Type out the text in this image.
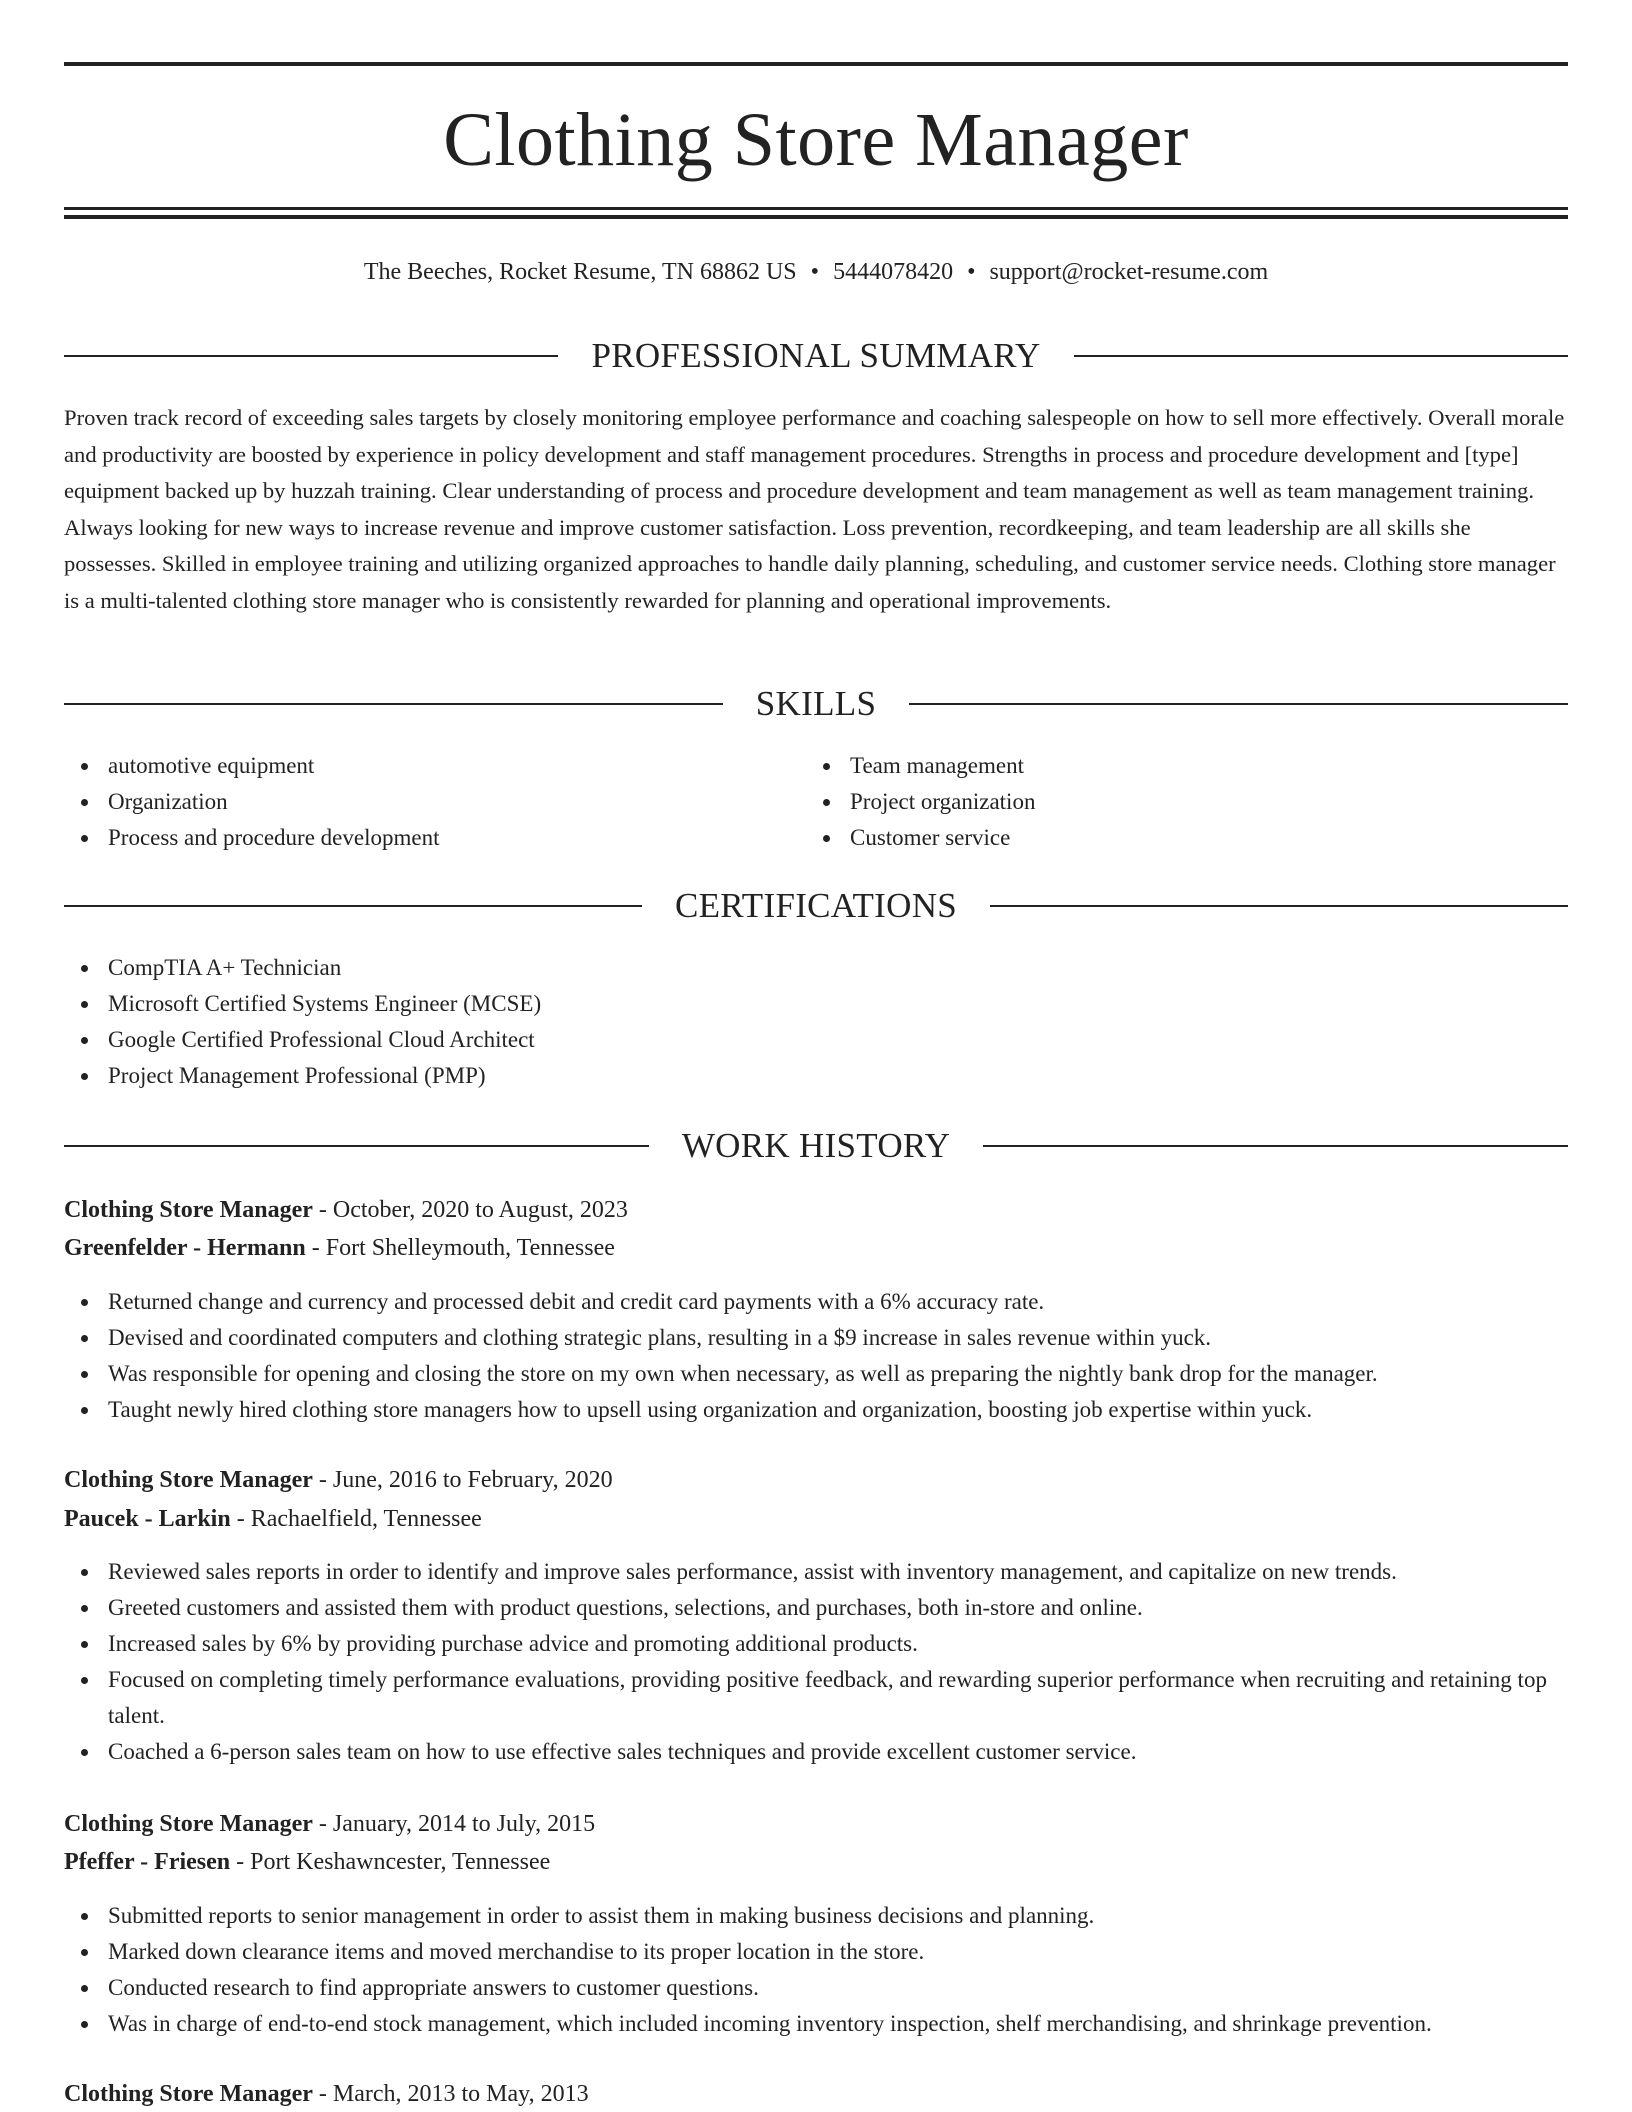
Clothing Store Manager
The Beeches, Rocket Resume, TN 68862 US • 5444078420 • support@rocket-resume.com
PROFESSIONAL SUMMARY

Proven track record of exceeding sales targets by closely monitoring employee performance and coaching salespeople on how to sell more effectively. Overall morale and productivity are boosted by experience in policy development and staff management procedures. Strengths in process and procedure development and [type] equipment backed up by huzzah training. Clear understanding of process and procedure development and team management as well as team management training. Always looking for new ways to increase revenue and improve customer satisfaction. Loss prevention, recordkeeping, and team leadership are all skills she possesses. Skilled in employee training and utilizing organized approaches to handle daily planning, scheduling, and customer service needs. Clothing store manager is a multi-talented clothing store manager who is consistently rewarded for planning and operational improvements.

SKILLS
automotive equipment
Organization
Process and procedure development
Team management
Project organization
Customer service
CERTIFICATIONS
CompTIA A+ Technician
Microsoft Certified Systems Engineer (MCSE)
Google Certified Professional Cloud Architect
Project Management Professional (PMP)
WORK HISTORY
Clothing Store Manager - October, 2020 to August, 2023
Greenfelder - Hermann - Fort Shelleymouth, Tennessee
Returned change and currency and processed debit and credit card payments with a 6% accuracy rate.
Devised and coordinated computers and clothing strategic plans, resulting in a $9 increase in sales revenue within yuck.
Was responsible for opening and closing the store on my own when necessary, as well as preparing the nightly bank drop for the manager.
Taught newly hired clothing store managers how to upsell using organization and organization, boosting job expertise within yuck.
Clothing Store Manager - June, 2016 to February, 2020
Paucek - Larkin - Rachaelfield, Tennessee
Reviewed sales reports in order to identify and improve sales performance, assist with inventory management, and capitalize on new trends.
Greeted customers and assisted them with product questions, selections, and purchases, both in-store and online.
Increased sales by 6% by providing purchase advice and promoting additional products.
Focused on completing timely performance evaluations, providing positive feedback, and rewarding superior performance when recruiting and retaining top talent.
Coached a 6-person sales team on how to use effective sales techniques and provide excellent customer service.
Clothing Store Manager - January, 2014 to July, 2015
Pfeffer - Friesen - Port Keshawncester, Tennessee
Submitted reports to senior management in order to assist them in making business decisions and planning.
Marked down clearance items and moved merchandise to its proper location in the store.
Conducted research to find appropriate answers to customer questions.
Was in charge of end-to-end stock management, which included incoming inventory inspection, shelf merchandising, and shrinkage prevention.
Clothing Store Manager - March, 2013 to May, 2013
